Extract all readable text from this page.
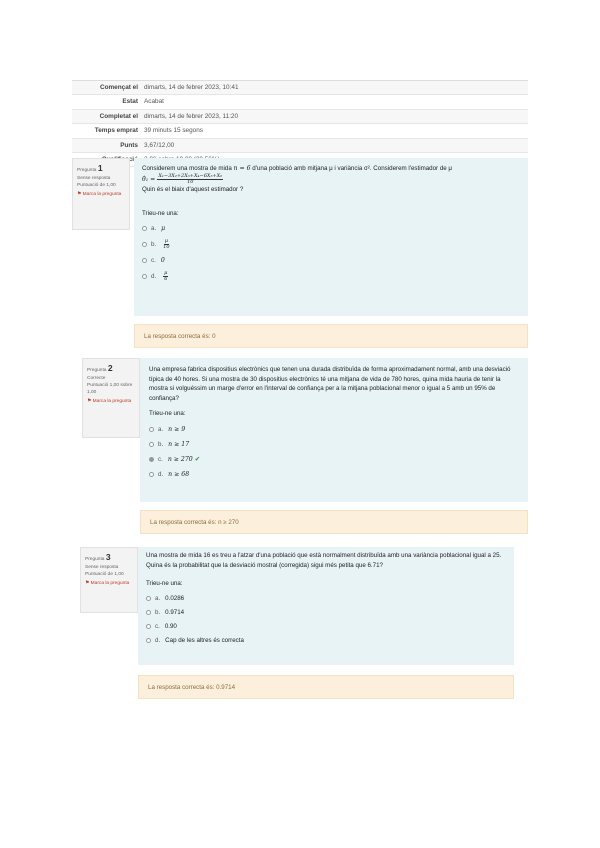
Començat el dimarts, 14 de febrer 2023, 10:41
Estat Acabat
Completat el dimarts, 14 de febrer 2023, 11:20
Temps emprat 39 minuts 15 segons
Punts 3,67/12,00
Pregunta 1
Sense resposta
Puntuació de 1,00
⚑ Marca la pregunta
Considerem una mostra de mida n = 6 d'una població amb mitjana μ i variància σ². Considerem l'estimador de μ
θ̂₁ = $\frac{\text{X₁−3X₂+2X₃+X₄−6X₅+X₆}}{10}$
Quin és el biaix d'aquest estimador ?
Trieu-ne una:
a. μ
b. $\frac{\mu}{10}$
c. 0
d. $\frac{\mu}{6}$
La resposta correcta és: 0
Pregunta 2
Correcte
Puntuació 1,00 sobre 1,00
⚑ Marca la pregunta
Una empresa fabrica dispositius electrònics que tenen una durada distribuïda de forma aproximadament normal, amb una desviació típica de 40 hores. Si una mostra de 30 dispositius electrònics té una mitjana de vida de 780 hores, quina mida hauria de tenir la mostra si volguéssim un marge d'error en l'interval de confiança per a la mitjana poblacional menor o igual a 5 amb un 95% de confiança?
Trieu-ne una:
a. n ≥ 9
b. n ≥ 17
c. n ≥ 270 ✔
d. n ≥ 68
La resposta correcta és: n ≥ 270
Pregunta 3
Sense resposta
Puntuació de 1,00
⚑ Marca la pregunta
Una mostra de mida 16 es treu a l'atzar d'una població que està normalment distribuïda amb una variància poblacional igual a 25. Quina és la probabilitat que la desviació mostral (corregida) sigui més petita que 6.71?
Trieu-ne una:
a. 0.0286
b. 0.9714
c. 0.90
d. Cap de les altres és correcta
La resposta correcta és: 0.9714
